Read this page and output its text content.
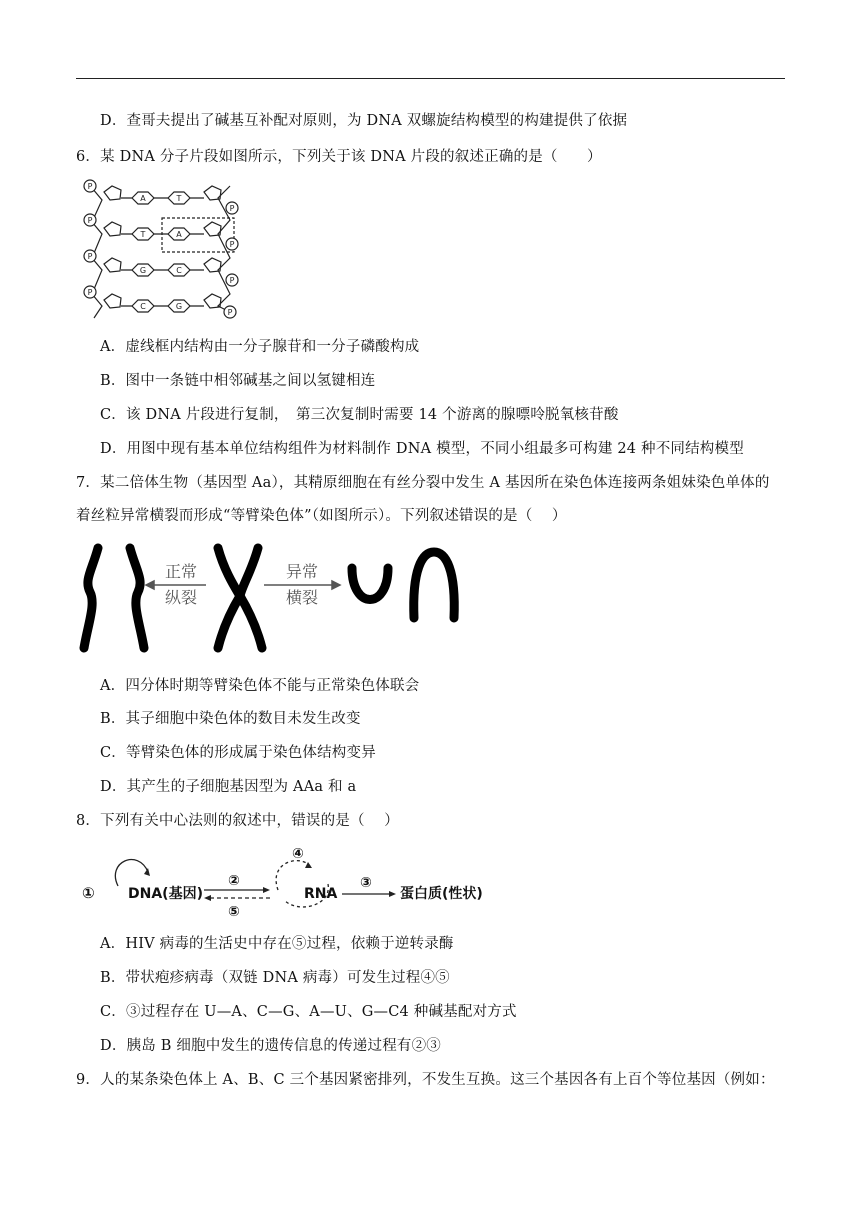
D．查哥夫提出了碱基互补配对原则，为 DNA 双螺旋结构模型的构建提供了依据
6．某 DNA 分子片段如图所示，下列关于该 DNA 片段的叙述正确的是（　　）
P
P
P
P
P
P
P
P
A	T
T	A
G	C
C	G
A．虚线框内结构由一分子腺苷和一分子磷酸构成
B．图中一条链中相邻碱基之间以氢键相连
C．该 DNA 片段进行复制，　第三次复制时需要 14 个游离的腺嘌呤脱氧核苷酸
D．用图中现有基本单位结构组件为材料制作 DNA 模型，不同小组最多可构建 24 种不同结构模型
7．某二倍体生物（基因型 Aa），其精原细胞在有丝分裂中发生 A 基因所在染色体连接两条姐妹染色单体的
着丝粒异常横裂而形成“等臂染色体”（如图所示）。下列叙述错误的是（　 ）
正常
纵裂
异常
横裂
A．四分体时期等臂染色体不能与正常染色体联会
B．其子细胞中染色体的数目未发生改变
C．等臂染色体的形成属于染色体结构变异
D．其产生的子细胞基因型为 AAa 和 a
8．下列有关中心法则的叙述中，错误的是（　 ）
① DNA(基因)	RNA	蛋白质(性状)
②
⑤
④
③
A．HIV 病毒的生活史中存在⑤过程，依赖于逆转录酶
B．带状疱疹病毒（双链 DNA 病毒）可发生过程④⑤
C．③过程存在 U—A、C—G、A—U、G—C4 种碱基配对方式
D．胰岛 B 细胞中发生的遗传信息的传递过程有②③
9．人的某条染色体上 A、B、C 三个基因紧密排列，不发生互换。这三个基因各有上百个等位基因（例如：
